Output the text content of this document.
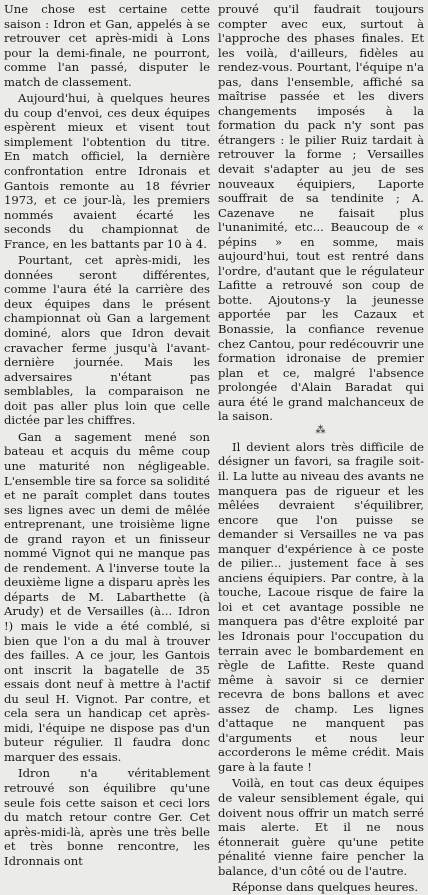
Une chose est certaine cette saison : Idron et Gan, appelés à se retrouver cet après-midi à Lons pour la demi-finale, ne pourront, comme l'an passé, disputer le match de classement.

Aujourd'hui, à quelques heures du coup d'envoi, ces deux équipes espèrent mieux et visent tout simplement l'obtention du titre. En match officiel, la dernière confrontation entre Idronais et Gantois remonte au 18 février 1973, et ce jour-là, les premiers nommés avaient écarté les seconds du championnat de France, en les battants par 10 à 4.

Pourtant, cet après-midi, les données seront différentes, comme l'aura été la carrière des deux équipes dans le présent championnat où Gan a largement dominé, alors que Idron devait cravacher ferme jusqu'à l'avant-dernière journée. Mais les adversaires n'étant pas semblables, la comparaison ne doit pas aller plus loin que celle dictée par les chiffres.

Gan a sagement mené son bateau et acquis du même coup une maturité non négligeable. L'ensemble tire sa force sa solidité et ne paraît complet dans toutes ses lignes avec un demi de mêlée entreprenant, une troisième ligne de grand rayon et un finisseur nommé Vignot qui ne manque pas de rendement. A l'inverse toute la deuxième ligne a disparu après les départs de M. Labarthette (à Arudy) et de Versailles (à... Idron !) mais le vide a été comblé, si bien que l'on a du mal à trouver des failles. A ce jour, les Gantois ont inscrit la bagatelle de 35 essais dont neuf à mettre à l'actif du seul H. Vignot. Par contre, et cela sera un handicap cet après-midi, l'équipe ne dispose pas d'un buteur régulier. Il faudra donc marquer des essais.

Idron n'a véritablement retrouvé son équilibre qu'une seule fois cette saison et ceci lors du match retour contre Ger. Cet après-midi-là, après une très belle et très bonne rencontre, les Idronnais ont

prouvé qu'il faudrait toujours compter avec eux, surtout à l'approche des phases finales. Et les voilà, d'ailleurs, fidèles au rendez-vous. Pourtant, l'équipe n'a pas, dans l'ensemble, affiché sa maîtrise passée et les divers changements imposés à la formation du pack n'y sont pas étrangers : le pilier Ruiz tardait à retrouver la forme ; Versailles devait s'adapter au jeu de ses nouveaux équipiers, Laporte souffrait de sa tendinite ; A. Cazenave ne faisait plus l'unanimité, etc... Beaucoup de « pépins » en somme, mais aujourd'hui, tout est rentré dans l'ordre, d'autant que le régulateur Lafitte a retrouvé son coup de botte. Ajoutons-y la jeunesse apportée par les Cazaux et Bonassie, la confiance revenue chez Cantou, pour redécouvrir une formation idronaise de premier plan et ce, malgré l'absence prolongée d'Alain Baradat qui aura été le grand malchanceux de la saison.

⁂

Il devient alors très difficile de désigner un favori, sa fragile soit-il. La lutte au niveau des avants ne manquera pas de rigueur et les mêlées devraient s'équilibrer, encore que l'on puisse se demander si Versailles ne va pas manquer d'expérience à ce poste de pilier... justement face à ses anciens équipiers. Par contre, à la touche, Lacoue risque de faire la loi et cet avantage possible ne manquera pas d'être exploité par les Idronais pour l'occupation du terrain avec le bombardement en règle de Lafitte. Reste quand même à savoir si ce dernier recevra de bons ballons et avec assez de champ. Les lignes d'attaque ne manquent pas d'arguments et nous leur accorderons le même crédit. Mais gare à la faute !

Voilà, en tout cas deux équipes de valeur sensiblement égale, qui doivent nous offrir un match serré mais alerte. Et il ne nous étonnerait guère qu'une petite pénalité vienne faire pencher la balance, d'un côté ou de l'autre.

Réponse dans quelques heures.
